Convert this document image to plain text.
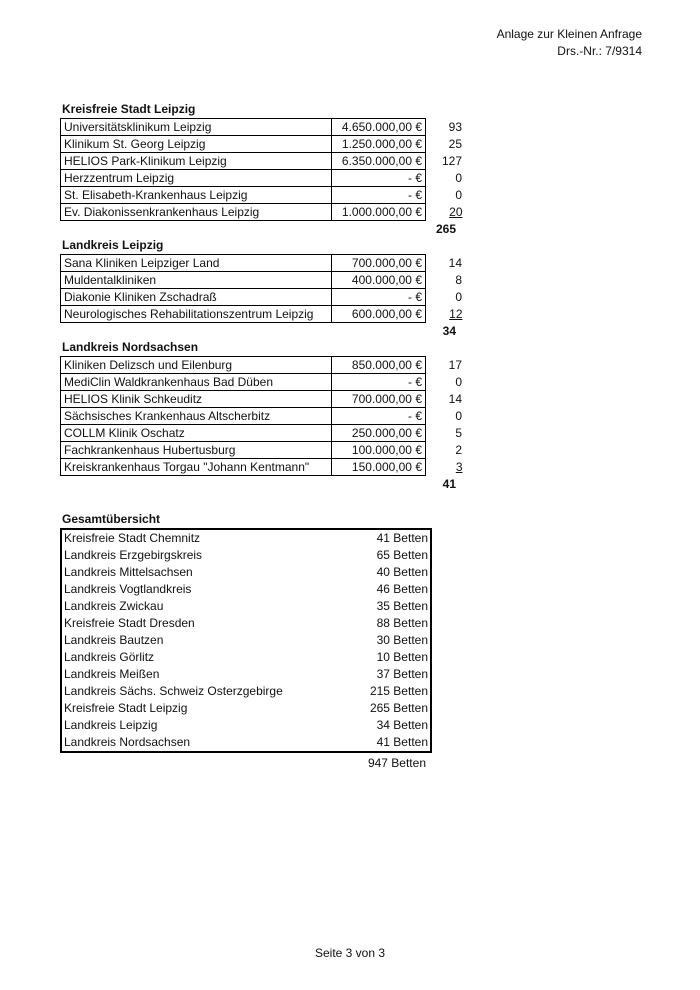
Anlage zur Kleinen Anfrage
Drs.-Nr.: 7/9314
Kreisfreie Stadt Leipzig
Universitätsklinikum Leipzig	4.650.000,00 €	93
Klinikum St. Georg Leipzig	1.250.000,00 €	25
HELIOS Park-Klinikum Leipzig	6.350.000,00 €	127
Herzzentrum Leipzig	- €	0
St. Elisabeth-Krankenhaus Leipzig	- €	0
Ev. Diakonissenkrankenhaus Leipzig	1.000.000,00 €	20
265
Landkreis Leipzig
Sana Kliniken Leipziger Land	700.000,00 €	14
Muldentalkliniken	400.000,00 €	8
Diakonie Kliniken Zschadraß	- €	0
Neurologisches Rehabilitationszentrum Leipzig	600.000,00 €	12
34
Landkreis Nordsachsen
Kliniken Delizsch und Eilenburg	850.000,00 €	17
MediClin Waldkrankenhaus Bad Düben	- €	0
HELIOS Klinik Schkeuditz	700.000,00 €	14
Sächsisches Krankenhaus Altscherbitz	- €	0
COLLM Klinik Oschatz	250.000,00 €	5
Fachkrankenhaus Hubertusburg	100.000,00 €	2
Kreiskrankenhaus Torgau "Johann Kentmann"	150.000,00 €	3
41
Gesamtübersicht
Kreisfreie Stadt Chemnitz	41 Betten
Landkreis Erzgebirgskreis	65 Betten
Landkreis Mittelsachsen	40 Betten
Landkreis Vogtlandkreis	46 Betten
Landkreis Zwickau	35 Betten
Kreisfreie Stadt Dresden	88 Betten
Landkreis Bautzen	30 Betten
Landkreis Görlitz	10 Betten
Landkreis Meißen	37 Betten
Landkreis Sächs. Schweiz Osterzgebirge	215 Betten
Kreisfreie Stadt Leipzig	265 Betten
Landkreis Leipzig	34 Betten
Landkreis Nordsachsen	41 Betten
947 Betten
Seite 3 von 3
